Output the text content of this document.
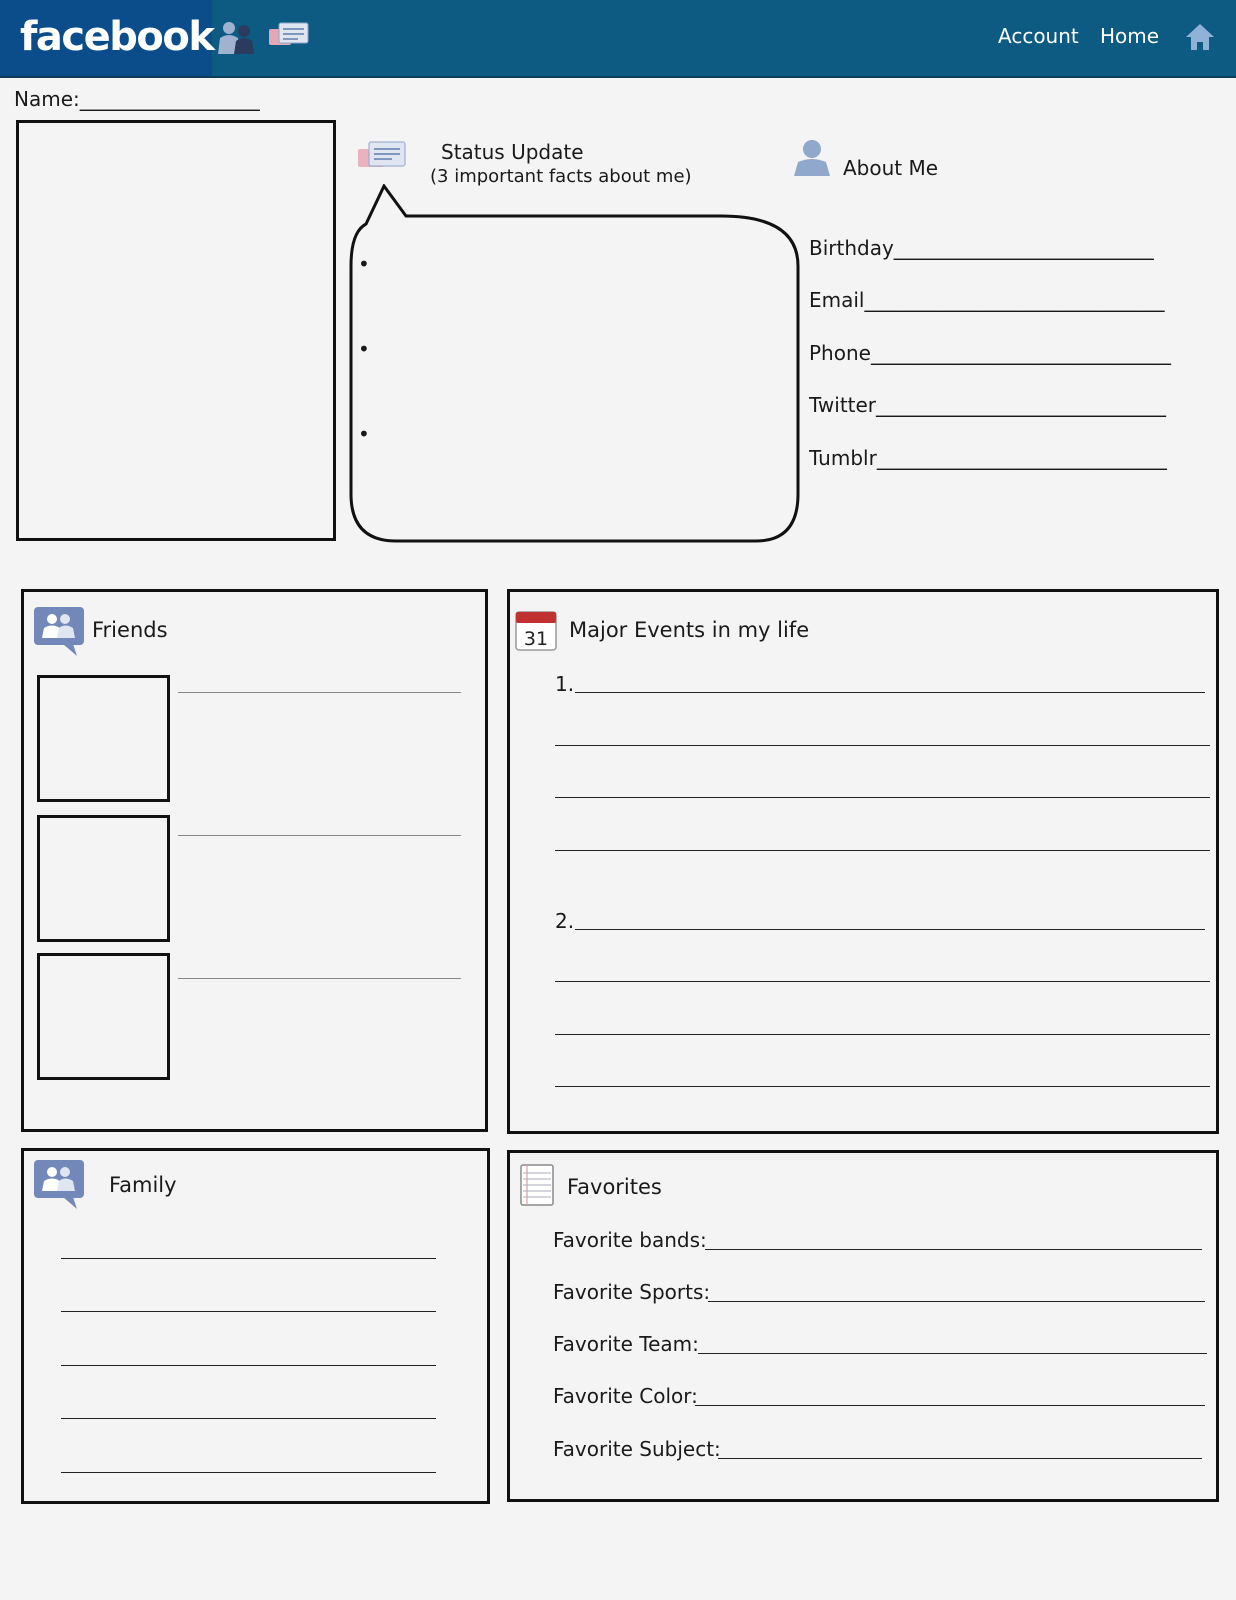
facebook	Account Home
Name:__________________
Status Update
(3 important facts about me)
•
•
•
About Me
Birthday__________________________
Email______________________________
Phone______________________________
Twitter_____________________________
Tumblr_____________________________
Friends	31 Major Events in my life
1.
2.
Family	Favorites
Favorite bands:
Favorite Sports:
Favorite Team:
Favorite Color:
Favorite Subject:
